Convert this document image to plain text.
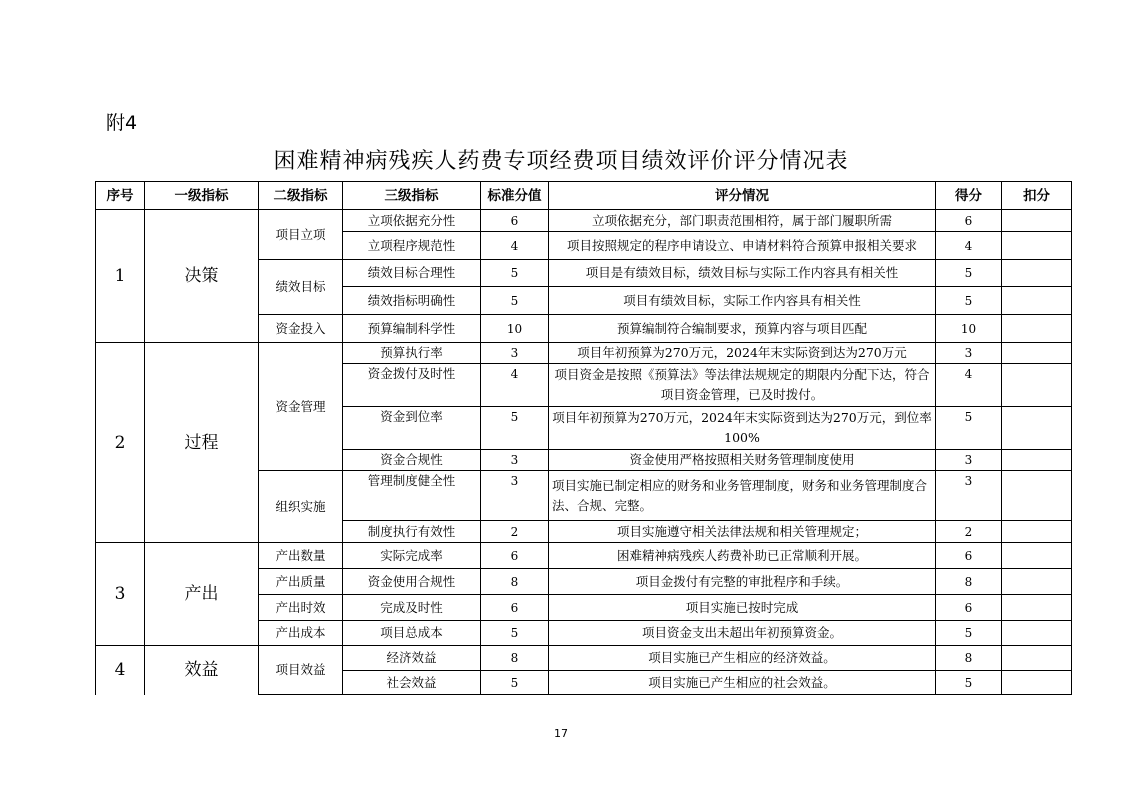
附4
困难精神病残疾人药费专项经费项目绩效评价评分情况表
序号	一级指标	二级指标	三级指标	标准分值	评分情况	得分	扣分
1	决策	项目立项	立项依据充分性	6	立项依据充分，部门职责范围相符，属于部门履职所需	6	
			立项程序规范性	4	项目按照规定的程序申请设立、申请材料符合预算申报相关要求	4	
		绩效目标	绩效目标合理性	5	项目是有绩效目标，绩效目标与实际工作内容具有相关性	5	
			绩效指标明确性	5	项目有绩效目标，实际工作内容具有相关性	5	
		资金投入	预算编制科学性	10	预算编制符合编制要求，预算内容与项目匹配	10	
2	过程	资金管理	预算执行率	3	项目年初预算为270万元，2024年末实际资到达为270万元	3	
			资金拨付及时性	4	项目资金是按照《预算法》等法律法规规定的期限内分配下达，符合项目资金管理，已及时拨付。	4	
			资金到位率	5	项目年初预算为270万元，2024年末实际资到达为270万元，到位率100%	5	
			资金合规性	3	资金使用严格按照相关财务管理制度使用	3	
		组织实施	管理制度健全性	3	项目实施已制定相应的财务和业务管理制度，财务和业务管理制度合法、合规、完整。	3	
			制度执行有效性	2	项目实施遵守相关法律法规和相关管理规定；	2	
3	产出	产出数量	实际完成率	6	困难精神病残疾人药费补助已正常顺利开展。	6	
		产出质量	资金使用合规性	8	项目金拨付有完整的审批程序和手续。	8	
		产出时效	完成及时性	6	项目实施已按时完成	6	
		产出成本	项目总成本	5	项目资金支出未超出年初预算资金。	5	
4	效益	项目效益	经济效益	8	项目实施已产生相应的经济效益。	8	
			社会效益	5	项目实施已产生相应的社会效益。	5	
17
